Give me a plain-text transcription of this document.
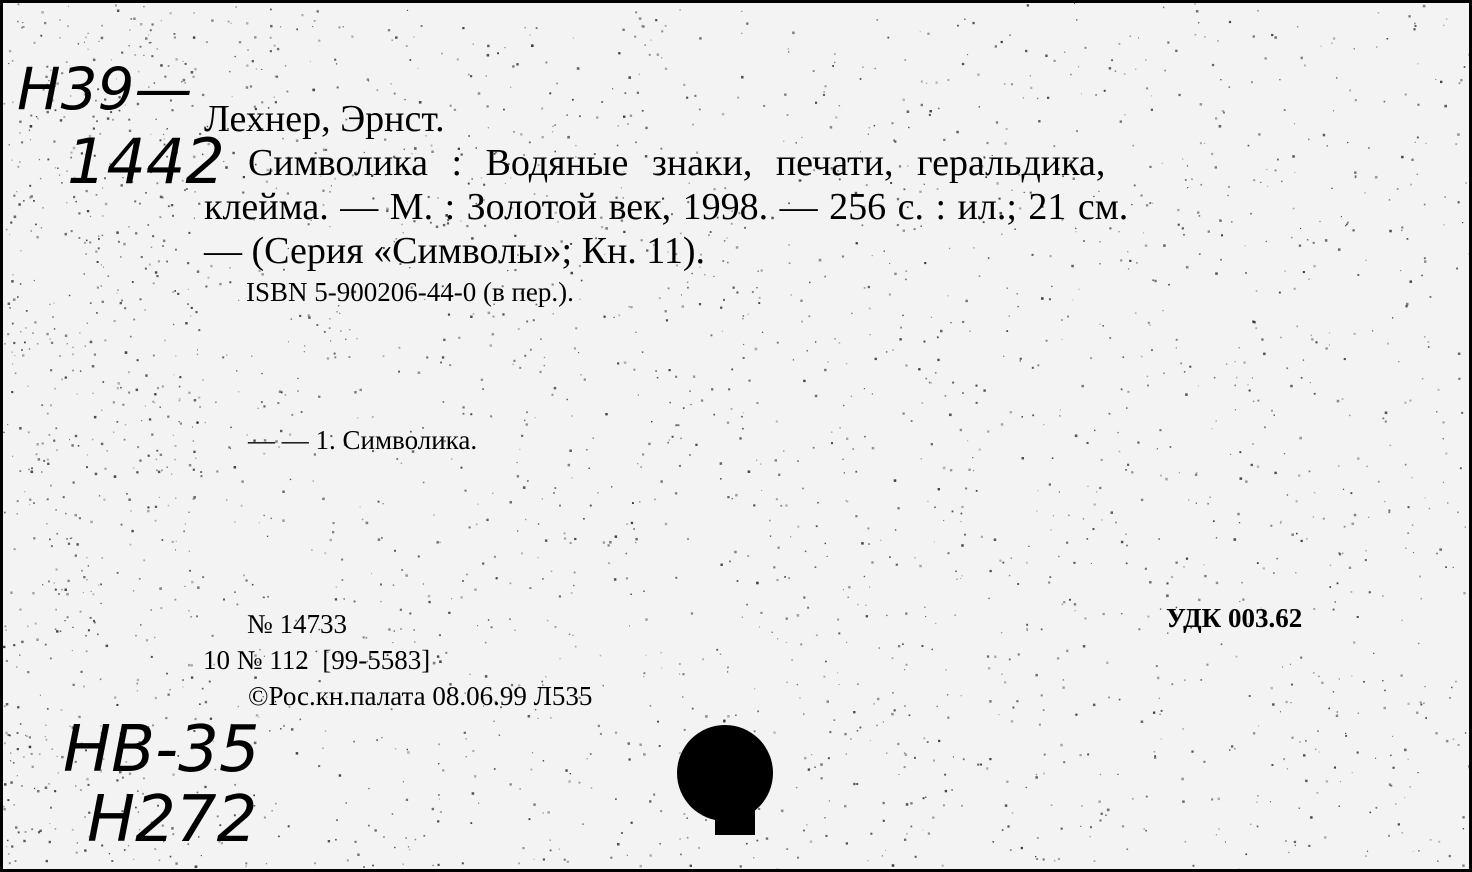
Н39—
1442
Лехнер, Эрнст.
Символика : Водяные знаки, печати, геральдика,
клейма. — М. : Золотой век, 1998. — 256 с. : ил.; 21 см.
— (Серия «Символы»; Кн. 11).
ISBN 5-900206-44-0 (в пер.).
— — 1. Символика.
№ 14733	УДК 003.62
10 № 112  [99-5583]
©Рос.кн.палата 08.06.99 Л535
НВ-35
Н272
